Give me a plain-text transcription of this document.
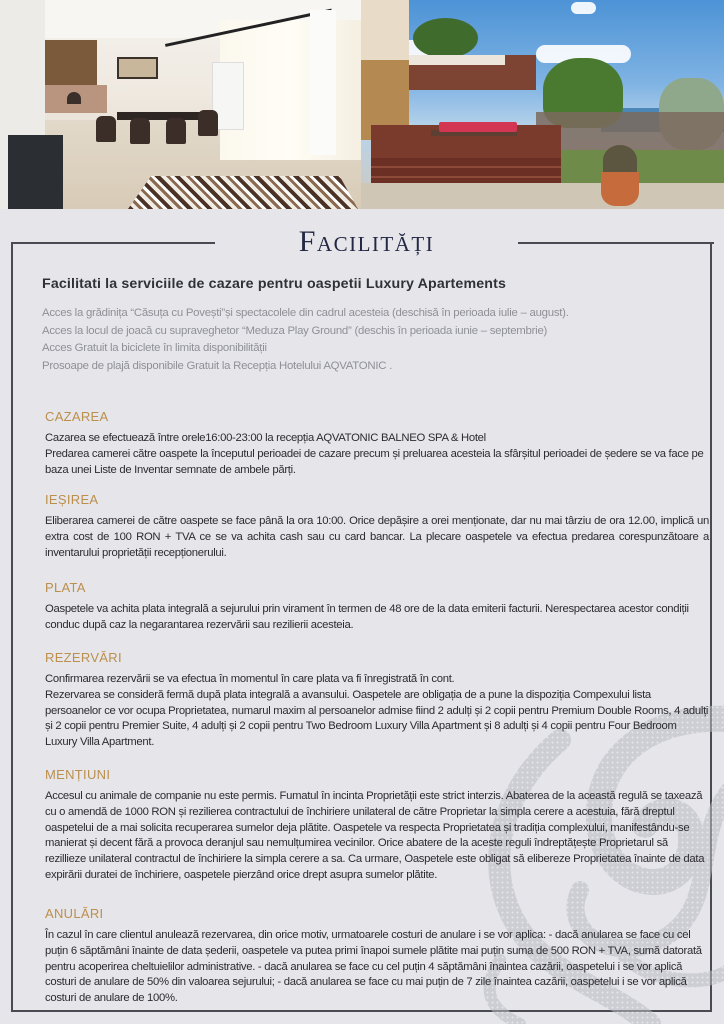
Facilități
Facilitati la serviciile de cazare pentru oaspetii Luxury Apartements
Acces la grădinița “Căsuța cu Povești”și spectacolele din cadrul acesteia (deschisă în perioada iulie – august).
Acces la locul de joacă cu supraveghetor “Meduza Play Ground” (deschis în perioada iunie – septembrie)
Acces Gratuit la biciclete în limita disponibilității
Prosoape de plajă disponibile Gratuit la Recepția Hotelului AQVATONIC .
CAZAREA

Cazarea se efectuează între orele16:00-23:00 la recepția AQVATONIC BALNEO SPA & Hotel

Predarea camerei către oaspete la începutul perioadei de cazare precum și preluarea acesteia la sfârșitul perioadei de ședere se va face pe baza unei Liste de Inventar semnate de ambele părți.

IEȘIREA

Eliberarea camerei de către oaspete se face până la ora 10:00. Orice depășire a orei menționate, dar nu mai târziu de ora 12.00, implică un extra cost de 100 RON + TVA ce se va achita cash sau cu card bancar. La plecare oaspetele va efectua predarea corespunzătoare a inventarului proprietății recepționerului.

PLATA

Oaspetele va achita plata integrală a sejurului prin virament în termen de 48 ore de la data emiterii facturii. Nerespectarea acestor condiții conduc după caz la negarantarea rezervării sau rezilierii acesteia.

REZERVĂRI

Confirmarea rezervării se va efectua în momentul în care plata va fi înregistrată în cont.

Rezervarea se consideră fermă după plata integrală a avansului. Oaspetele are obligația de a pune la dispoziția Compexului lista persoanelor ce vor ocupa Proprietatea, numarul maxim al persoanelor admise fiind 2 adulți și 2 copii pentru Premium Double Rooms, 4 adulți și 2 copii pentru Premier Suite, 4 adulți și 2 copii pentru Two Bedroom Luxury Villa Apartment și 8 adulți și 4 copii pentru Four Bedroom Luxury Villa Apartment.

MENȚIUNI

Accesul cu animale de companie nu este permis. Fumatul în incinta Proprietății este strict interzis. Abaterea de la această regulă se taxează cu o amendă de 1000 RON și rezilierea contractului de închiriere unilateral de către Proprietar la simpla cerere a acestuia, fără dreptul oaspetelui de a mai solicita recuperarea sumelor deja plătite. Oaspetele va respecta Proprietatea și tradiția complexului, manifestându-se manierat și decent fără a provoca deranjul sau nemulțumirea vecinilor. Orice abatere de la aceste reguli îndreptățește Proprietarul să rezillieze unilateral contractul de închiriere la simpla cerere a sa. Ca urmare, Oaspetele este obligat să elibereze Proprietatea înainte de data expirării duratei de închiriere, oaspetele pierzând orice drept asupra sumelor plătite.

ANULĂRI

În cazul în care clientul anulează rezervarea, din orice motiv, urmatoarele costuri de anulare i se vor aplica: - dacă anularea se face cu cel puțin 6 săptămâni înainte de data șederii, oaspetele va putea primi înapoi sumele plătite mai puțin suma de 500 RON + TVA, sumă datorată pentru acoperirea cheltuielilor administrative. - dacă anularea se face cu cel puțin 4 săptămâni înaintea cazării, oaspetelui i se vor aplică costuri de anulare de 50% din valoarea sejurului; - dacă anularea se face cu mai puțin de 7 zile înaintea cazării, oaspetelui i se vor aplică costuri de anulare de 100%.
